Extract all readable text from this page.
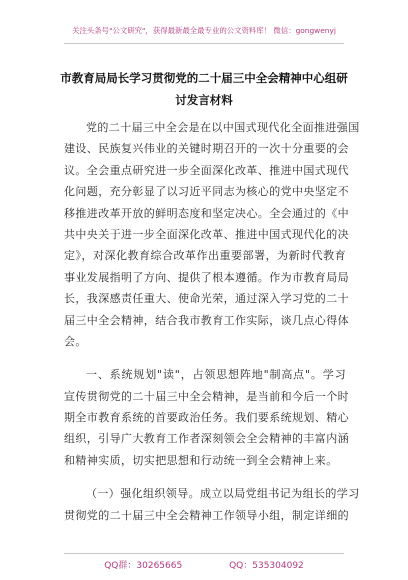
关注头条号"公文研究"，获得最新最全最专业的公文资料库！ 微信：gongwenyj
市教育局局长学习贯彻党的二十届三中全会精神中心组研
讨发言材料
党的二十届三中全会是在以中国式现代化全面推进强国
建设、民族复兴伟业的关键时期召开的一次十分重要的会
议。全会重点研究进一步全面深化改革、推进中国式现代
化问题，充分彰显了以习近平同志为核心的党中央坚定不
移推进改革开放的鲜明态度和坚定决心。全会通过的《中
共中央关于进一步全面深化改革、推进中国式现代化的决
定》，对深化教育综合改革作出重要部署，为新时代教育
事业发展指明了方向、提供了根本遵循。作为市教育局局
长，我深感责任重大、使命光荣，通过深入学习党的二十
届三中全会精神，结合我市教育工作实际，谈几点心得体
会。
一、系统规划"读"，占领思想阵地"制高点"。学习
宣传贯彻党的二十届三中全会精神，是当前和今后一个时
期全市教育系统的首要政治任务。我们要系统规划、精心
组织，引导广大教育工作者深刻领会全会精神的丰富内涵
和精神实质，切实把思想和行动统一到全会精神上来。
（一）强化组织领导。成立以局党组书记为组长的学习
贯彻党的二十届三中全会精神工作领导小组，制定详细的
QQ群：30265665	QQ：535304092
